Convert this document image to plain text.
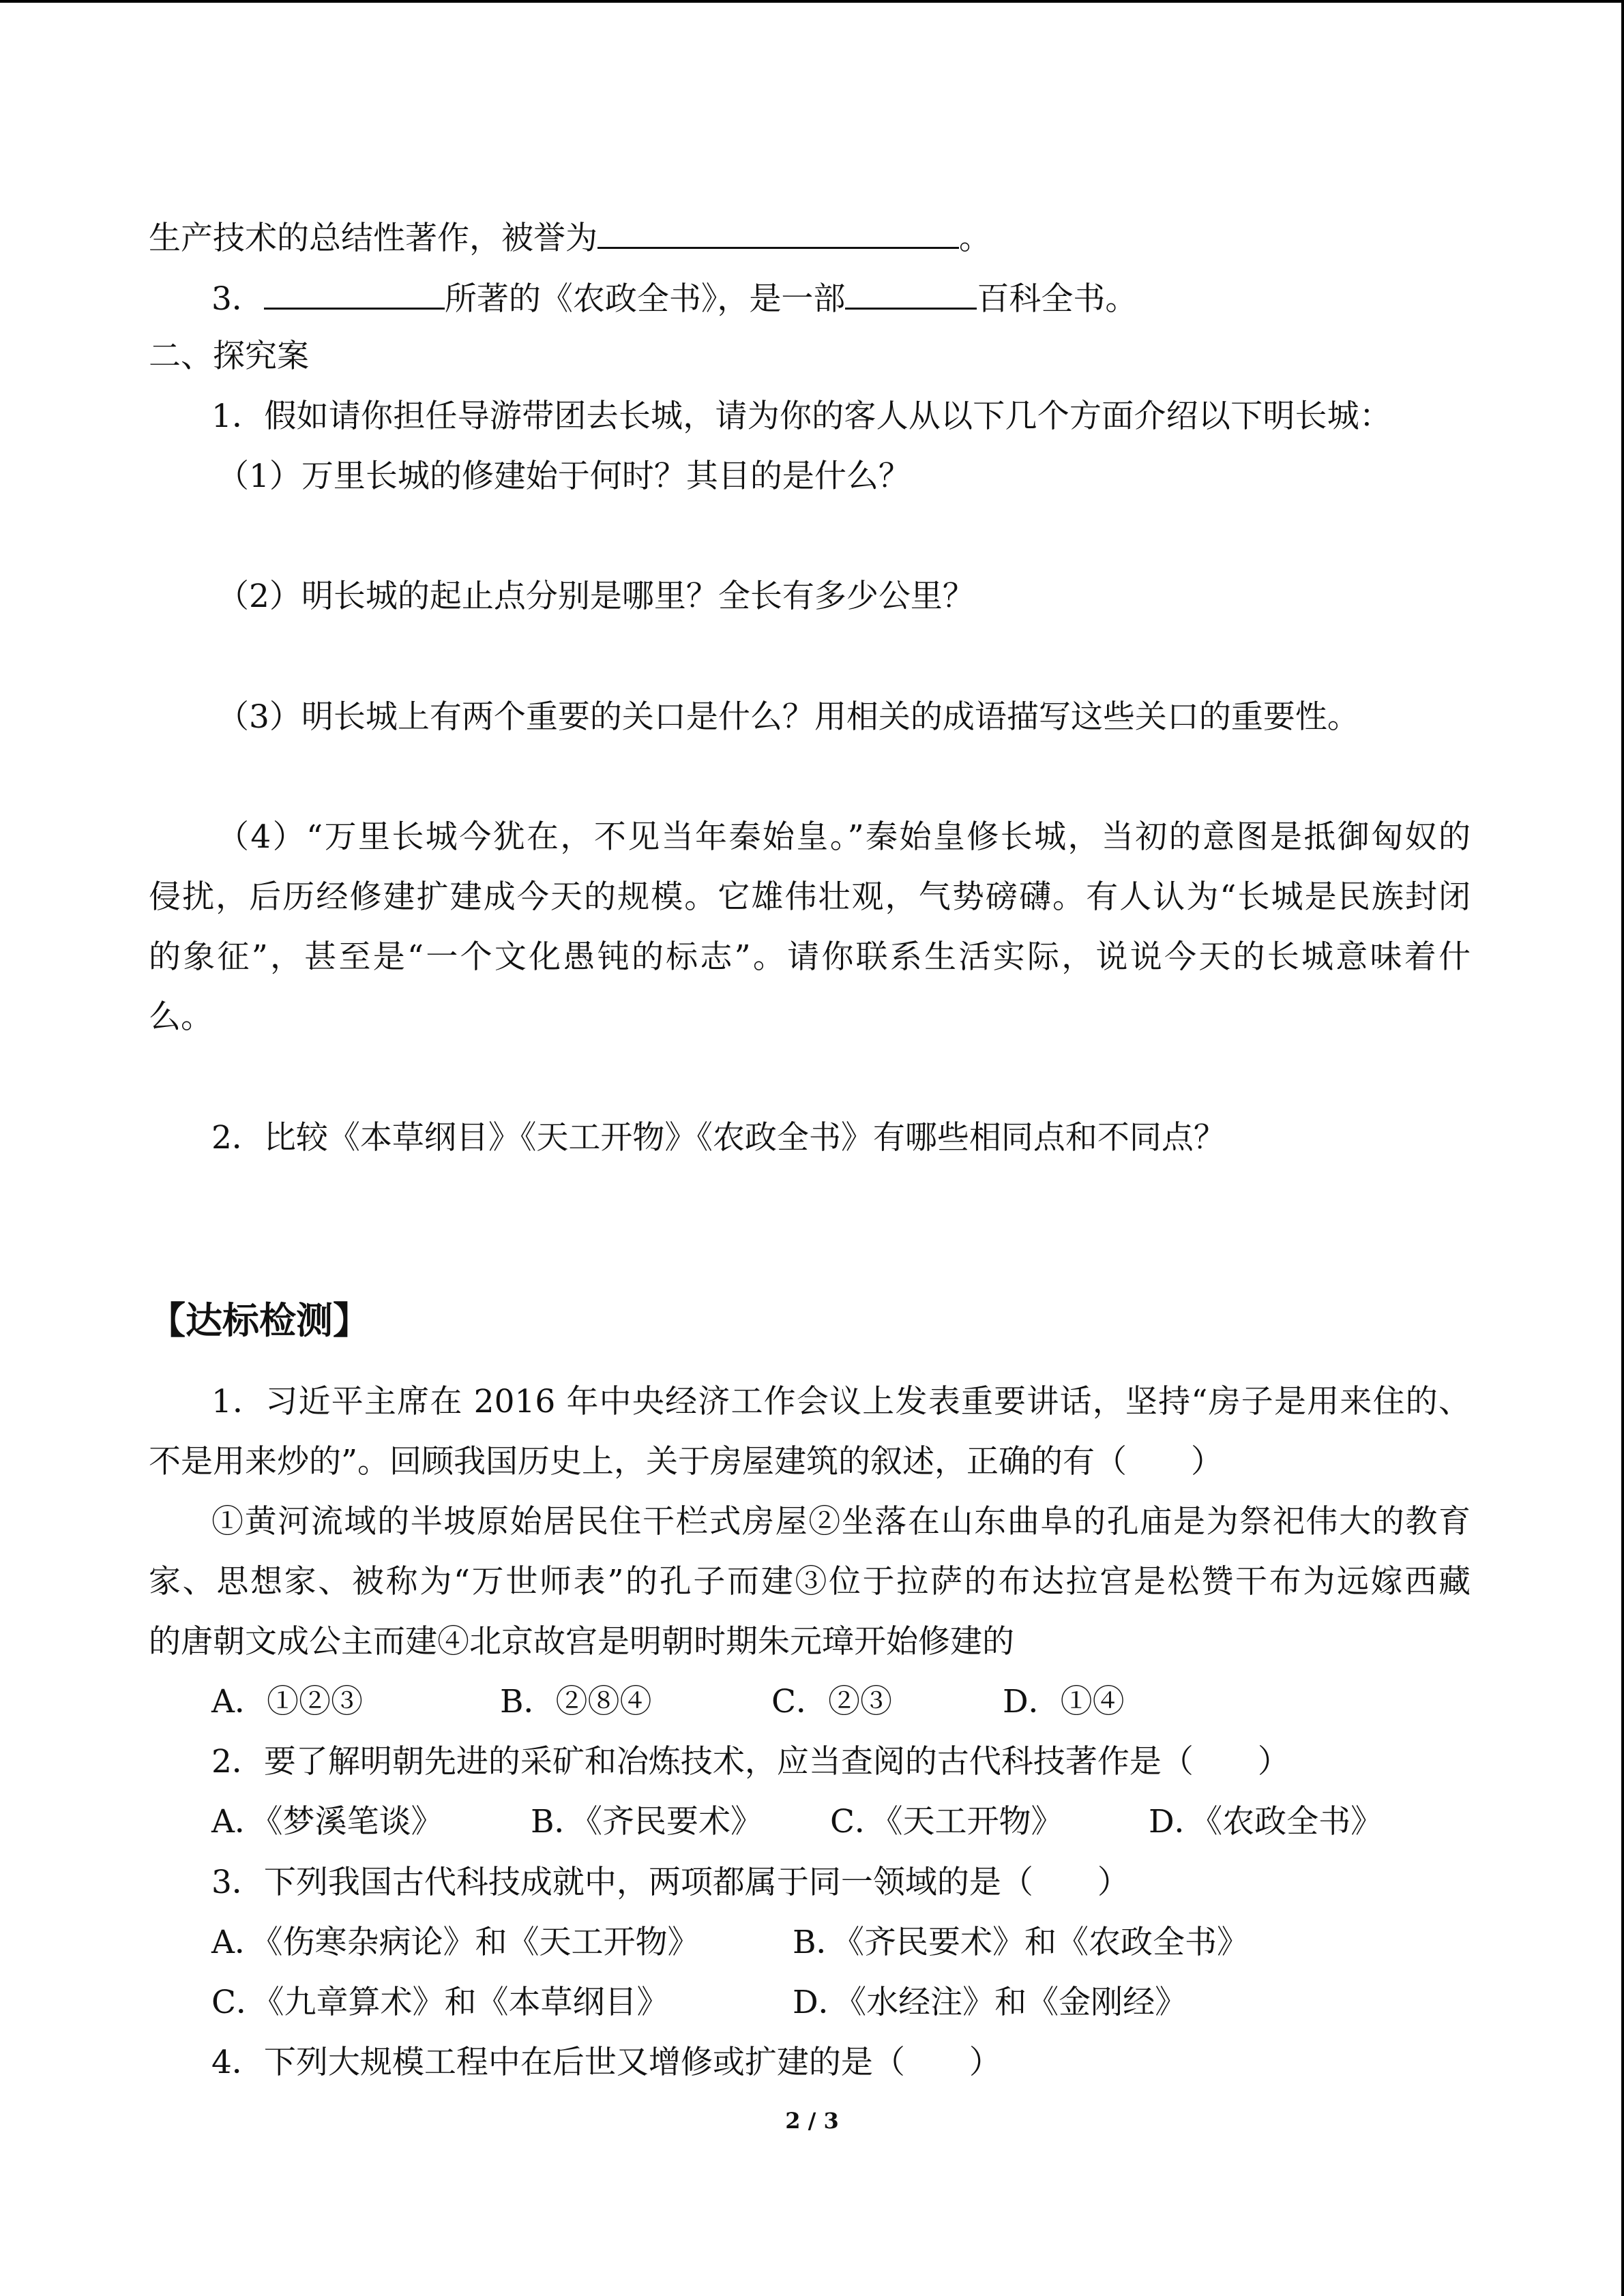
生产技术的总结性著作，被誉为	。
3．	所著的《农政全书》，是一部	百科全书。
二、探究案
1．假如请你担任导游带团去长城，请为你的客人从以下几个方面介绍以下明长城：
（1）万里长城的修建始于何时？其目的是什么？
（2）明长城的起止点分别是哪里？全长有多少公里？
（3）明长城上有两个重要的关口是什么？用相关的成语描写这些关口的重要性。
（4）“万里长城今犹在，不见当年秦始皇。”秦始皇修长城，当初的意图是抵御匈奴的
侵扰，后历经修建扩建成今天的规模。它雄伟壮观，气势磅礴。有人认为“长城是民族封闭
的象征”，甚至是“一个文化愚钝的标志”。请你联系生活实际，说说今天的长城意味着什
么。
2．比较《本草纲目》《天工开物》《农政全书》有哪些相同点和不同点？
【达标检测】
1．习近平主席在 2016 年中央经济工作会议上发表重要讲话，坚持“房子是用来住的、
不是用来炒的”。回顾我国历史上，关于房屋建筑的叙述，正确的有（　　）
①黄河流域的半坡原始居民住干栏式房屋②坐落在山东曲阜的孔庙是为祭祀伟大的教育
家、思想家、被称为“万世师表”的孔子而建③位于拉萨的布达拉宫是松赞干布为远嫁西藏
的唐朝文成公主而建④北京故宫是明朝时期朱元璋开始修建的
A．①②③	B．②⑧④	C．②③	D．①④
2．要了解明朝先进的采矿和冶炼技术，应当查阅的古代科技著作是（　　）
A．《梦溪笔谈》	B．《齐民要术》 C．《天工开物》	D．《农政全书》
3．下列我国古代科技成就中，两项都属于同一领域的是（　　）
A．《伤寒杂病论》和《天工开物》	B．《齐民要术》和《农政全书》
C．《九章算术》和《本草纲目》	D．《水经注》和《金刚经》
4．下列大规模工程中在后世又增修或扩建的是（　　）
2 / 3
